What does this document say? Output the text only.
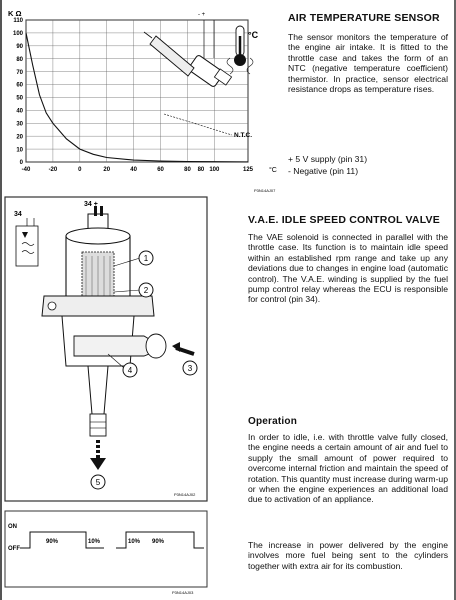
K Ω
°C
0
10
20
30
40
50
60
70
80
90
100
110
-40	-20	0	20	40	60	80	100	125
80
N.T.C.
- +
°C
P3N14AJ07
AIR TEMPERATURE SENSOR
The sensor monitors the temperature of the engine air intake. It is fitted to the throttle case and takes the form of an NTC (negative temperature coefficient) thermistor. In practice, sensor electrical resistance drops as temperature rises.
+ 5 V supply (pin 31)
- Negative (pin 11)
34
34 +
1
2
3
4
5
P3N14AJ02
V.A.E. IDLE SPEED CONTROL VALVE
The VAE solenoid is connected in parallel with the throttle case. Its function is to maintain idle speed within an established rpm range and take up any deviations due to changes in engine load (automatic control). The V.A.E. winding is supplied by the fuel pump control relay whereas the ECU is responsible for control (pin 34).
Operation
In order to idle, i.e. with throttle valve fully closed, the engine needs a certain amount of air and fuel to supply the small amount of power required to overcome internal friction and maintain the speed of rotation. This quantity must increase during warm-up or when the engine experiences an additional load due to activation of an appliance.
The increase in power delivered by the engine involves more fuel being sent to the cylinders together with extra air for its combustion.
ON
OFF
90%	10%	10% 90%
P3N14AJ03
